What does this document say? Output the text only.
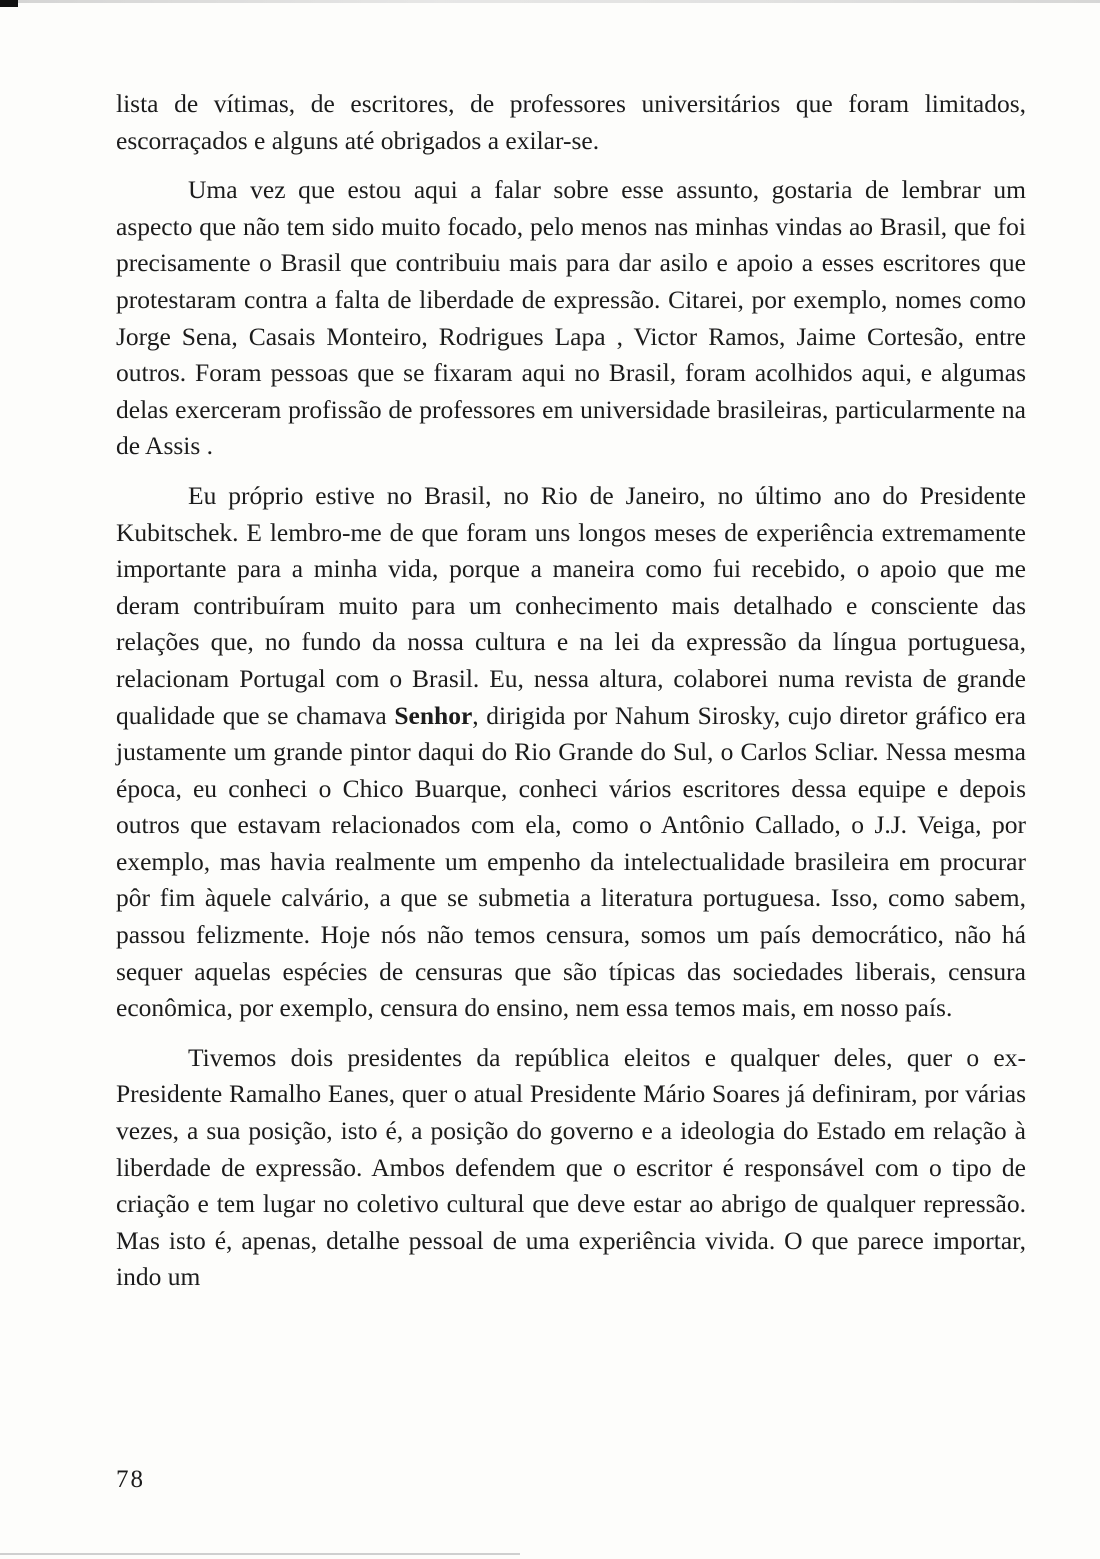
lista de vítimas, de escritores, de professores universitários que foram limitados, escorraçados e alguns até obrigados a exilar-se.

Uma vez que estou aqui a falar sobre esse assunto, gostaria de lembrar um aspecto que não tem sido muito focado, pelo menos nas minhas vindas ao Brasil, que foi precisamente o Brasil que contribuiu mais para dar asilo e apoio a esses escritores que protestaram contra a falta de liberdade de expressão. Citarei, por exemplo, nomes como Jorge Sena, Casais Monteiro, Rodrigues Lapa , Victor Ramos, Jaime Cortesão, entre outros. Foram pessoas que se fixaram aqui no Brasil, foram acolhidos aqui, e algumas delas exerceram profissão de professores em universidade brasileiras, particularmente na de Assis .

Eu próprio estive no Brasil, no Rio de Janeiro, no último ano do Presidente Kubitschek. E lembro-me de que foram uns longos meses de experiência extremamente importante para a minha vida, porque a maneira como fui recebido, o apoio que me deram contribuíram muito para um conhecimento mais detalhado e consciente das relações que, no fundo da nossa cultura e na lei da expressão da língua portuguesa, relacionam Portugal com o Brasil. Eu, nessa altura, colaborei numa revista de grande qualidade que se chamava Senhor, dirigida por Nahum Sirosky, cujo diretor gráfico era justamente um grande pintor daqui do Rio Grande do Sul, o Carlos Scliar. Nessa mesma época, eu conheci o Chico Buarque, conheci vários escritores dessa equipe e depois outros que estavam relacionados com ela, como o Antônio Callado, o J.J. Veiga, por exemplo, mas havia realmente um empenho da intelectualidade brasileira em procurar pôr fim àquele calvário, a que se submetia a literatura portuguesa. Isso, como sabem, passou felizmente. Hoje nós não temos censura, somos um país democrático, não há sequer aquelas espécies de censuras que são típicas das sociedades liberais, censura econômica, por exemplo, censura do ensino, nem essa temos mais, em nosso país.

Tivemos dois presidentes da república eleitos e qualquer deles, quer o ex-Presidente Ramalho Eanes, quer o atual Presidente Mário Soares já definiram, por várias vezes, a sua posição, isto é, a posição do governo e a ideologia do Estado em relação à liberdade de expressão. Ambos defendem que o escritor é responsável com o tipo de criação e tem lugar no coletivo cultural que deve estar ao abrigo de qualquer repressão. Mas isto é, apenas, detalhe pessoal de uma experiência vivida. O que parece importar, indo um

78
